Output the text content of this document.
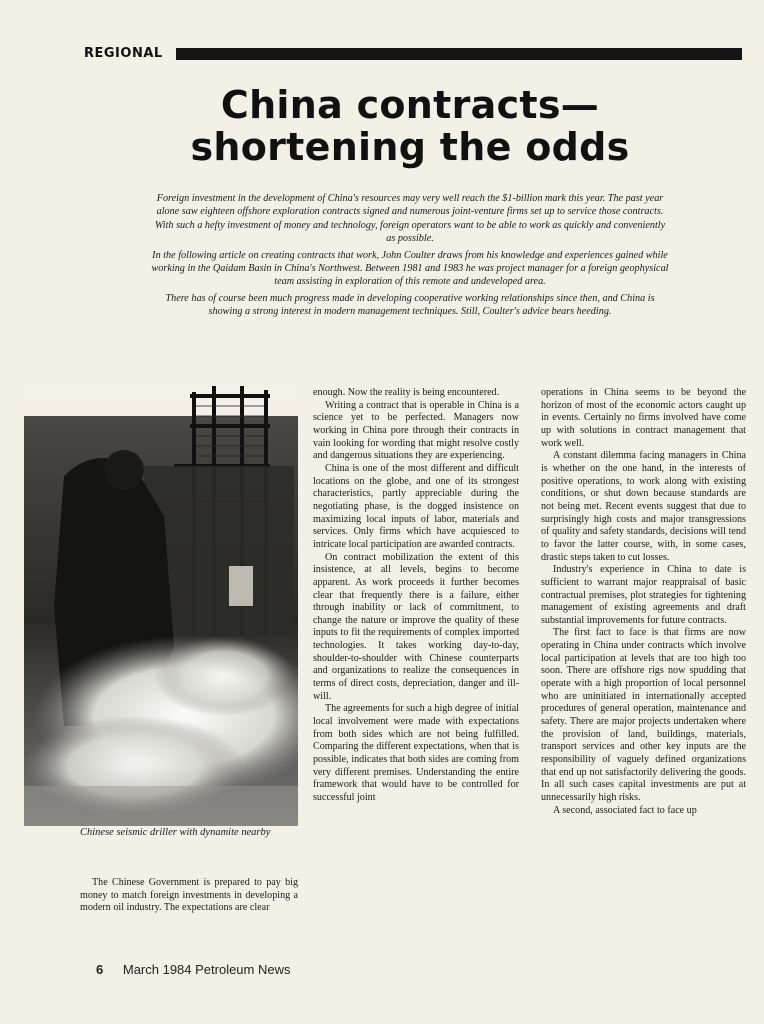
REGIONAL
China contracts—
shortening the odds

Foreign investment in the development of China's resources may very well reach the $1-billion mark this year. The past year alone saw eighteen offshore exploration contracts signed and numerous joint-venture firms set up to service those contracts. With such a hefty investment of money and technology, foreign operators want to be able to work as quickly and conveniently as possible.

In the following article on creating contracts that work, John Coulter draws from his knowledge and experiences gained while working in the Qaidam Basin in China's Northwest. Between 1981 and 1983 he was project manager for a foreign geophysical team assisting in exploration of this remote and undeveloped area.

There has of course been much progress made in developing cooperative working relationships since then, and China is showing a strong interest in modern management techniques. Still, Coulter's advice bears heeding.

Chinese seismic driller with dynamite nearby

The Chinese Government is prepared to pay big money to match foreign investments in developing a modern oil industry. The expectations are clear

enough. Now the reality is being encountered.

Writing a contract that is operable in China is a science yet to be perfected. Managers now working in China pore through their contracts in vain looking for wording that might resolve costly and dangerous situations they are experiencing.

China is one of the most different and difficult locations on the globe, and one of its strongest characteristics, partly appreciable during the negotiating phase, is the dogged insistence on maximizing local inputs of labor, materials and services. Only firms which have acquiesced to intricate local participation are awarded contracts.

On contract mobilization the extent of this insistence, at all levels, begins to become apparent. As work proceeds it further becomes clear that frequently there is a failure, either through inability or lack of commitment, to change the nature or improve the quality of these inputs to fit the requirements of complex imported technologies. It takes working day-to-day, shoulder-to-shoulder with Chinese counterparts and organizations to realize the consequences in terms of direct costs, depreciation, danger and ill-will.

The agreements for such a high degree of initial local involvement were made with expectations from both sides which are not being fulfilled. Comparing the different expectations, when that is possible, indicates that both sides are coming from very different premises. Understanding the entire framework that would have to be controlled for successful joint

operations in China seems to be beyond the horizon of most of the economic actors caught up in events. Certainly no firms involved have come up with solutions in contract management that work well.

A constant dilemma facing managers in China is whether on the one hand, in the interests of positive operations, to work along with existing conditions, or shut down because standards are not being met. Recent events suggest that due to surprisingly high costs and major transgressions of quality and safety standards, decisions will tend to favor the latter course, with, in some cases, drastic steps taken to cut losses.

Industry's experience in China to date is sufficient to warrant major reappraisal of basic contractual premises, plot strategies for tightening management of existing agreements and draft substantial improvements for future contracts.

The first fact to face is that firms are now operating in China under contracts which involve local participation at levels that are too high too soon. There are offshore rigs now spudding that operate with a high proportion of local personnel who are uninitiated in internationally accepted procedures of general operation, maintenance and safety. There are major projects undertaken where the provision of land, buildings, materials, transport services and other key inputs are the responsibility of vaguely defined organizations that end up not satisfactorily delivering the goods. In all such cases capital investments are put at unnecessarily high risks.

A second, associated fact to face up

6 March 1984 Petroleum News
